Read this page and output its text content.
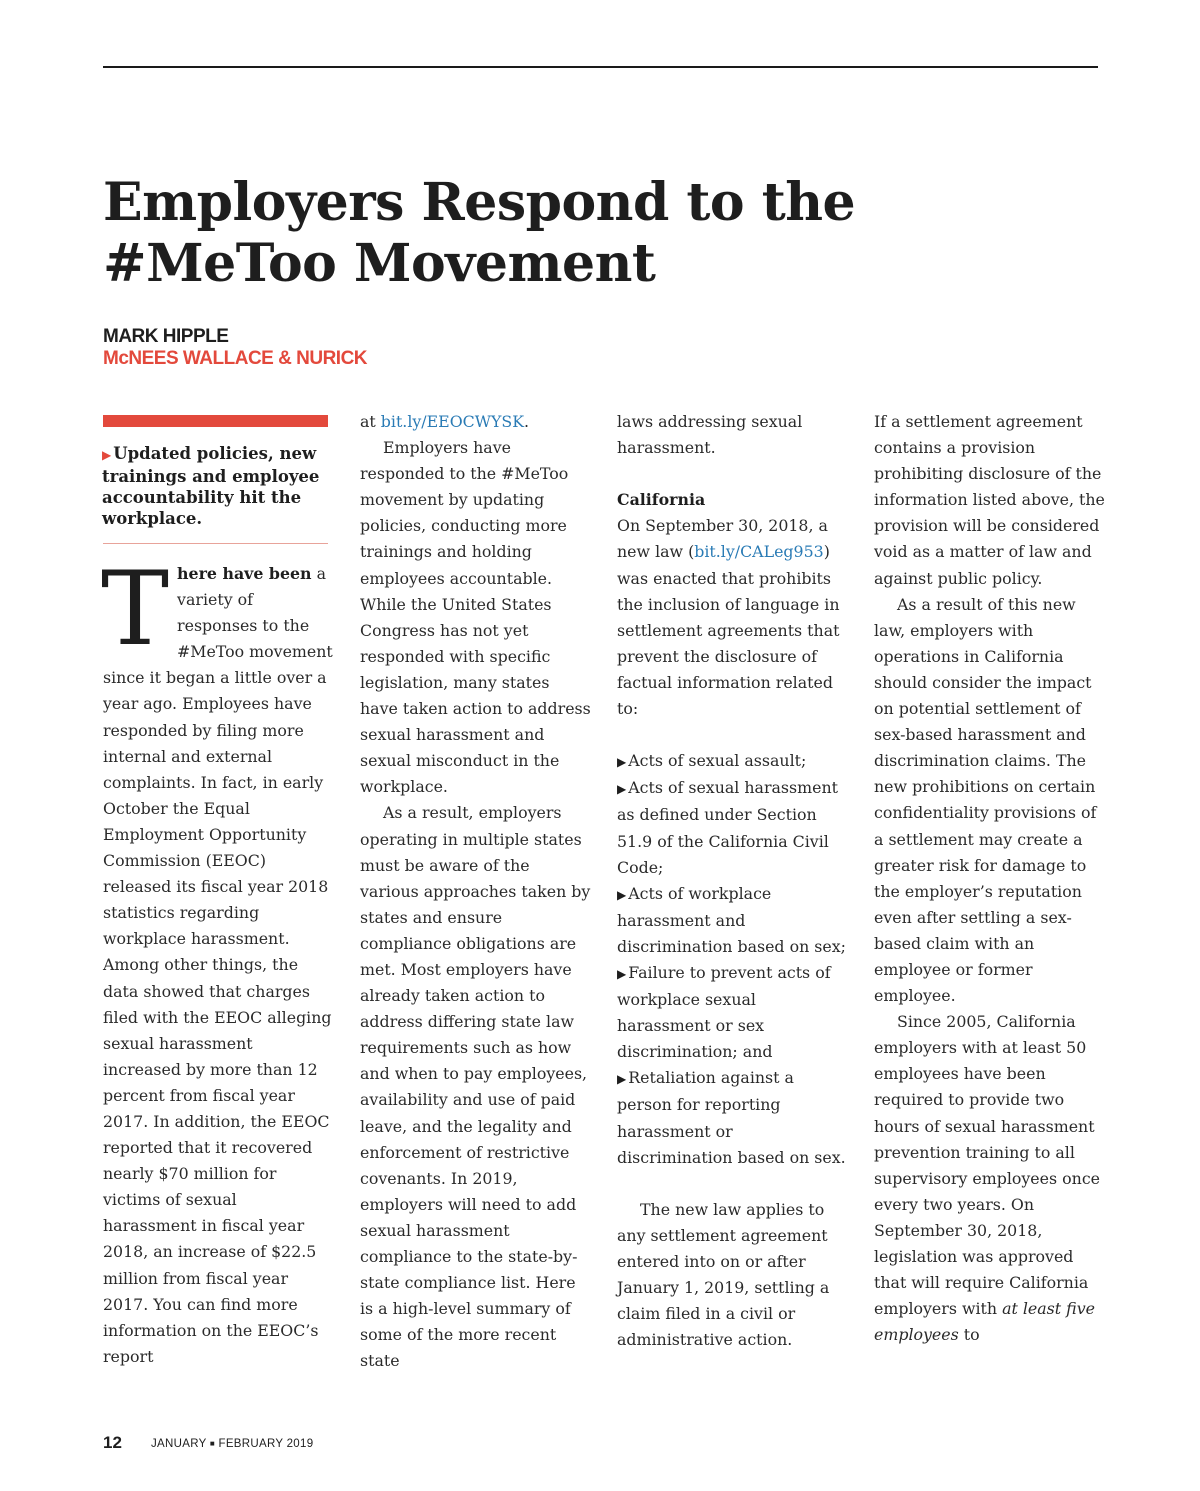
Employers Respond to the
#MeToo Movement
MARK HIPPLE
McNEES WALLACE & NURICK

▶ Updated policies, new trainings and employee accountability hit the workplace.

There have been a variety of responses to the #MeToo movement since it began a little over a year ago. Employees have responded by filing more internal and external complaints. In fact, in early October the Equal Employment Opportunity Commission (EEOC) released its fiscal year 2018 statistics regarding workplace harassment. Among other things, the data showed that charges filed with the EEOC alleging sexual harassment increased by more than 12 percent from fiscal year 2017. In addition, the EEOC reported that it recovered nearly $70 million for victims of sexual harassment in fiscal year 2018, an increase of $22.5 million from fiscal year 2017. You can find more information on the EEOC’s report

at bit.ly/EEOCWYSK.

Employers have responded to the #MeToo movement by updating policies, conducting more trainings and holding employees accountable. While the United States Congress has not yet responded with specific legislation, many states have taken action to address sexual harassment and sexual misconduct in the workplace.

As a result, employers operating in multiple states must be aware of the various approaches taken by states and ensure compliance obligations are met. Most employers have already taken action to address differing state law requirements such as how and when to pay employees, availability and use of paid leave, and the legality and enforcement of restrictive covenants. In 2019, employers will need to add sexual harassment compliance to the state-by-state compliance list. Here is a high-level summary of some of the more recent state

laws addressing sexual harassment.

California

On September 30, 2018, a new law (bit.ly/CALeg953) was enacted that prohibits the inclusion of language in settlement agreements that prevent the disclosure of factual information related to:

▶ Acts of sexual assault;

▶ Acts of sexual harassment as defined under Section 51.9 of the California Civil Code;

▶ Acts of workplace harassment and discrimination based on sex;

▶ Failure to prevent acts of workplace sexual harassment or sex discrimination; and

▶ Retaliation against a person for reporting harassment or discrimination based on sex.

The new law applies to any settlement agreement entered into on or after January 1, 2019, settling a claim filed in a civil or administrative action.

If a settlement agreement contains a provision prohibiting disclosure of the information listed above, the provision will be considered void as a matter of law and against public policy.

As a result of this new law, employers with operations in California should consider the impact on potential settlement of sex-based harassment and discrimination claims. The new prohibitions on certain confidentiality provisions of a settlement may create a greater risk for damage to the employer’s reputation even after settling a sex-based claim with an employee or former employee.

Since 2005, California employers with at least 50 employees have been required to provide two hours of sexual harassment prevention training to all supervisory employees once every two years. On September 30, 2018, legislation was approved that will require California employers with at least five employees to

12	JANUARY ■ FEBRUARY 2019
